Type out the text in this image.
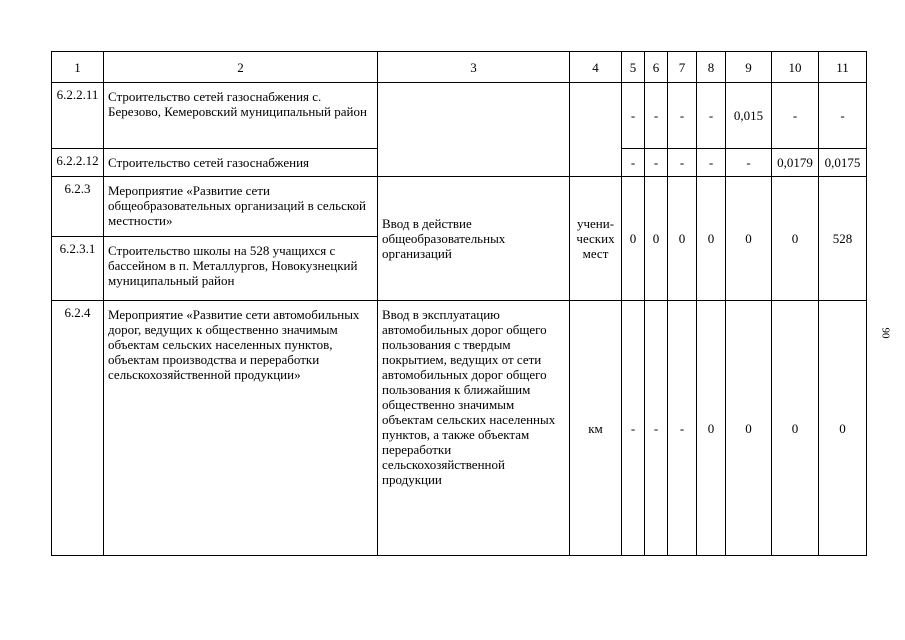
1	2	3	4	5	6	7	8	9	10	11
6.2.2.11	Строительство сетей газоснабжения с. Березово, Кемеровский муниципальный район			-	-	-	-	0,015	-	-
6.2.2.12	Строительство сетей газоснабжения			-	-	-	-	-	0,0179	0,0175
6.2.3	Мероприятие «Развитие сети общеобразовательных организаций в сельской местности»	Ввод в действие общеобразовательных организаций	учени-ческих мест	0	0	0	0	0	0	528
6.2.3.1	Строительство школы на 528 учащихся с бассейном в п. Металлургов, Новокузнецкий муниципальный район									
6.2.4	Мероприятие «Развитие сети автомобильных дорог, ведущих к общественно значимым объектам сельских населенных пунктов, объектам производства и переработки сельскохозяйственной продукции»	Ввод в эксплуатацию автомобильных дорог общего пользования с твердым покрытием, ведущих от сети автомобильных дорог общего пользования к ближайшим общественно значимым объектам сельских населенных пунктов, а также объектам переработки сельскохозяйственной продукции	км	-	-	-	0	0	0	0
90
